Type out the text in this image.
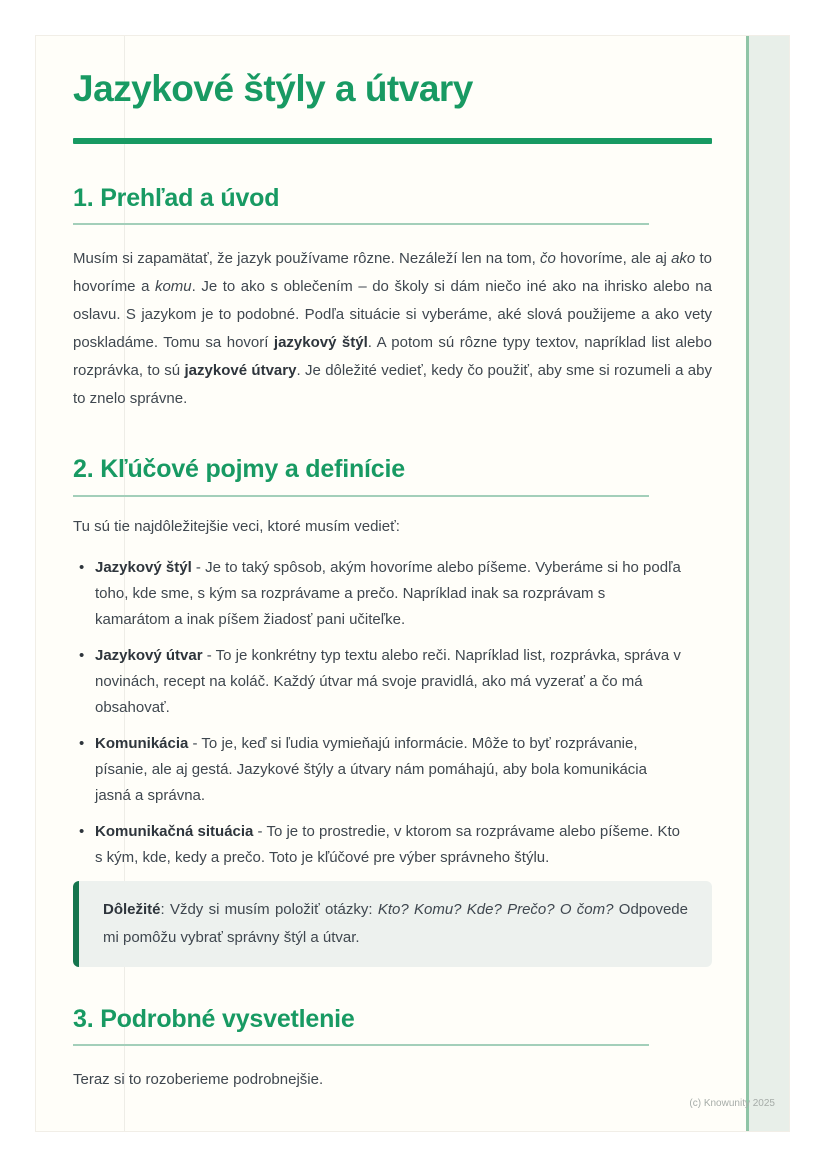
Jazykové štýly a útvary
1. Prehľad a úvod

Musím si zapamätať, že jazyk používame rôzne. Nezáleží len na tom, čo hovoríme, ale aj ako to hovoríme a komu. Je to ako s oblečením – do školy si dám niečo iné ako na ihrisko alebo na oslavu. S jazykom je to podobné. Podľa situácie si vyberáme, aké slová použijeme a ako vety poskladáme. Tomu sa hovorí jazykový štýl. A potom sú rôzne typy textov, napríklad list alebo rozprávka, to sú jazykové útvary. Je dôležité vedieť, kedy čo použiť, aby sme si rozumeli a aby to znelo správne.

2. Kľúčové pojmy a definície

Tu sú tie najdôležitejšie veci, ktoré musím vedieť:

• Jazykový štýl - Je to taký spôsob, akým hovoríme alebo píšeme. Vyberáme si ho podľa toho, kde sme, s kým sa rozprávame a prečo. Napríklad inak sa rozprávam s kamarátom a inak píšem žiadosť pani učiteľke.
• Jazykový útvar - To je konkrétny typ textu alebo reči. Napríklad list, rozprávka, správa v novinách, recept na koláč. Každý útvar má svoje pravidlá, ako má vyzerať a čo má obsahovať.
• Komunikácia - To je, keď si ľudia vymieňajú informácie. Môže to byť rozprávanie, písanie, ale aj gestá. Jazykové štýly a útvary nám pomáhajú, aby bola komunikácia jasná a správna.
• Komunikačná situácia - To je to prostredie, v ktorom sa rozprávame alebo píšeme. Kto s kým, kde, kedy a prečo. Toto je kľúčové pre výber správneho štýlu.

Dôležité: Vždy si musím položiť otázky: Kto? Komu? Kde? Prečo? O čom? Odpovede mi pomôžu vybrať správny štýl a útvar.

3. Podrobné vysvetlenie

Teraz si to rozoberieme podrobnejšie.

(c) Knowunity 2025
